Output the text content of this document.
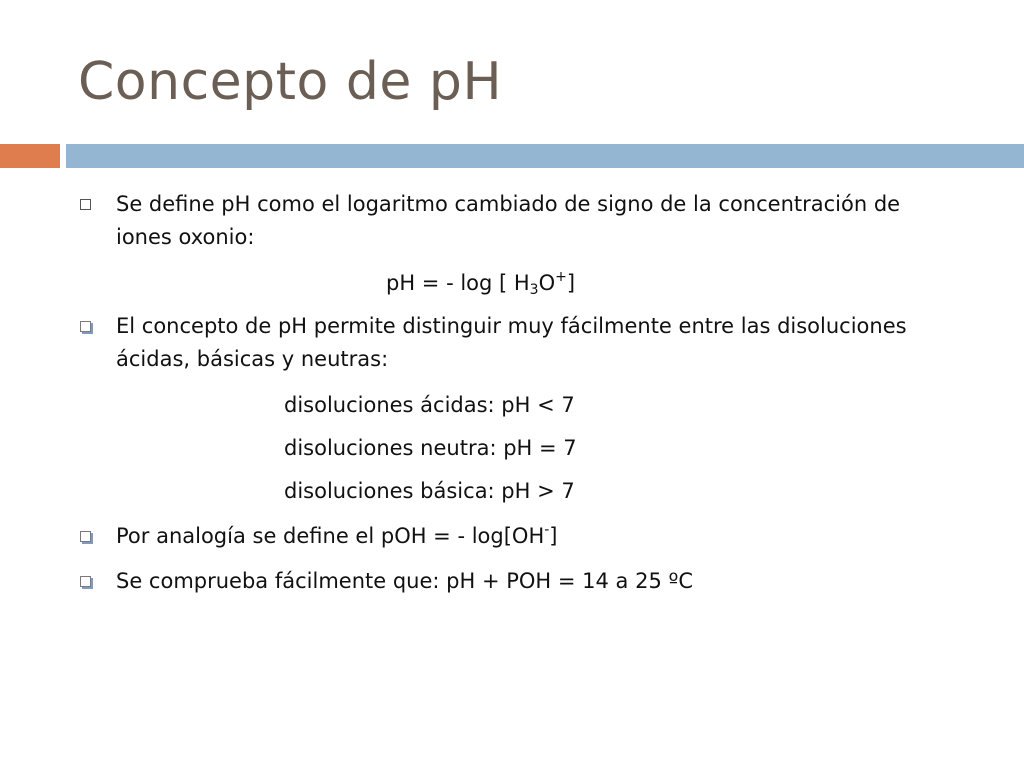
Concepto de pH
Se define pH como el logaritmo cambiado de signo de la concentración de
iones oxonio:
pH = - log [ $H_3O^+$]
El concepto de pH permite distinguir muy fácilmente entre las disoluciones
ácidas, básicas y neutras:
disoluciones ácidas: pH < 7
disoluciones neutra: pH = 7
disoluciones básica: pH > 7
Por analogía se define el pOH = - log[OH-]
Se comprueba fácilmente que: pH + POH = 14 a 25 ºC
